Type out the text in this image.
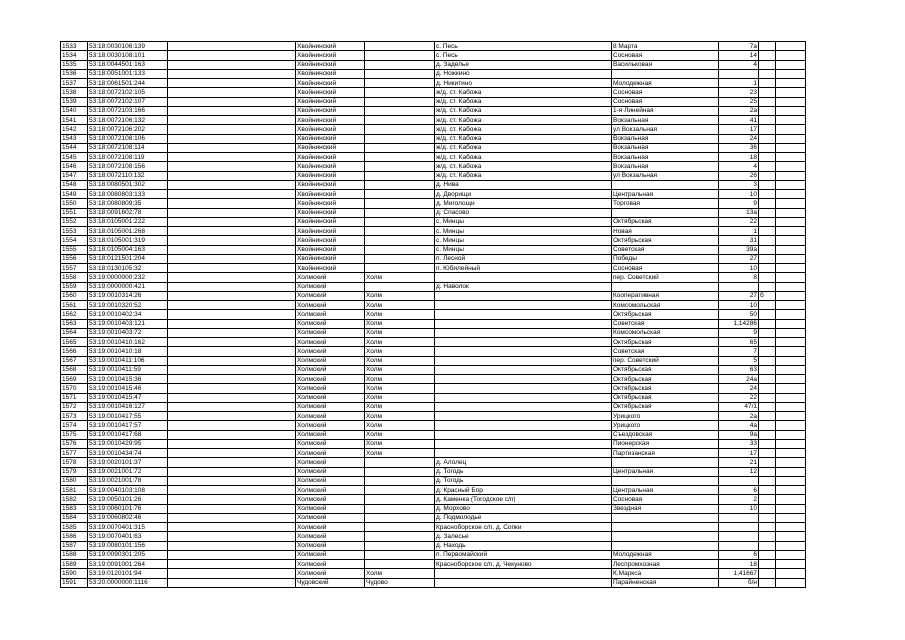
1533	53:18:0030106:139		Хвойнинский		с. Песь	8 Марта	7а		
1534	53:18:0030108:101		Хвойнинский		с. Песь	Сосновая	14		
1535	53:18:0044501:163		Хвойнинский		д. Заделье	Васильковая	4		
1536	53:18:0051001:133		Хвойнинский		д. Ножкино				
1537	53:18:0061501:244		Хвойнинский		д. Никитино	Молодежная	1		
1538	53:18:0072102:105		Хвойнинский		ж/д. ст. Кабожа	Сосновая	23		
1539	53:18:0072102:107		Хвойнинский		ж/д. ст. Кабожа	Сосновая	25		
1540	53:18:0072103:166		Хвойнинский		ж/д. ст. Кабожа	1-я Линейная	2а		
1541	53:18:0072106:132		Хвойнинский		ж/д. ст. Кабожа	Вокзальная	41		
1542	53:18:0072106:202		Хвойнинский		ж/д. ст. Кабожа	ул Вокзальная	17		
1543	53:18:0072108:106		Хвойнинский		ж/д. ст. Кабожа	Вокзальная	24		
1544	53:18:0072108:114		Хвойнинский		ж/д. ст. Кабожа	Вокзальная	36		
1545	53:18:0072108:119		Хвойнинский		ж/д. ст. Кабожа	Вокзальная	18		
1546	53:18:0072108:156		Хвойнинский		ж/д. ст. Кабожа	Вокзальная	4		
1547	53:18:0072110:132		Хвойнинский		ж/д. ст. Кабожа	ул Вокзальная	26		
1548	53:18:0080501:302		Хвойнинский		д. Нива		3		
1549	53:18:0080803:133		Хвойнинский		д. Дворищи	Центральная	10		
1550	53:18:0080809:35		Хвойнинский		д. Миголощи	Торговая	9		
1551	53:18:0091602:78		Хвойнинский		д. Спасово		13а		
1552	53:18:0105001:222		Хвойнинский		с. Минцы	Октябрьская	22		
1553	53:18:0105001:268		Хвойнинский		с. Минцы	Новая	1		
1554	53:18:0105001:319		Хвойнинский		с. Минцы	Октябрьская	31		
1555	53:18:0105004:163		Хвойнинский		с. Минцы	Советская	39а		
1556	53:18:0121501:204		Хвойнинский		п. Лесной	Победы	27		
1557	53:18:0130105:32		Хвойнинский		п. Юбилейный	Сосновая	10		
1558	53:19:0000000:232		Холмский	Холм		пер. Советский	8		
1559	53:19:0000000:421		Холмский		д. Наволок				
1560	53:19:0010314:26		Холмский	Холм		Кооперативная	27	б	
1561	53:19:0010320:52		Холмский	Холм		Комсомольская	10		
1562	53:19:0010402:34		Холмский	Холм		Октябрьская	50		
1563	53:19:0010403:121		Холмский	Холм		Советская	1,14286		
1564	53:19:0010403:72		Холмский	Холм		Комсомольская	9		
1565	53:19:0010410:162		Холмский	Холм		Октябрьская	65		
1566	53:19:0010410:18		Холмский	Холм		Советская	7		
1567	53:19:0010411:106		Холмский	Холм		пер. Советский	5		
1568	53:19:0010411:59		Холмский	Холм		Октябрьская	63		
1569	53:19:0010415:36		Холмский	Холм		Октябрьская	24а		
1570	53:19:0010415:46		Холмский	Холм		Октябрьская	24		
1571	53:19:0010415:47		Холмский	Холм		Октябрьская	22		
1572	53:19:0010416:127		Холмский	Холм		Октябрьская	47/1		
1573	53:19:0010417:55		Холмский	Холм		Урицкого	2а		
1574	53:19:0010417:57		Холмский	Холм		Урицкого	4а		
1575	53:19:0010417:68		Холмский	Холм		Съездовская	9а		
1576	53:19:0010429:95		Холмский	Холм		Пионерская	33		
1577	53:19:0010434:74		Холмский	Холм		Партизанская	17		
1578	53:19:0020101:37		Холмский		д. Алолец		21		
1579	53:19:0021001:72		Холмский		д. Тогодь	Центральная	12		
1580	53:19:0021001:78		Холмский		д. Тогодь				
1581	53:19:0040103:108		Холмский		д. Красный Бор	Центральная	6		
1582	53:19:0050101:26		Холмский		д. Каменка (Тогодское с/п)	Сосновая	2		
1583	53:19:0060101:76		Холмский		д. Морхово	Звездная	10		
1584	53:19:0060802:46		Холмский		д. Подмолодье				
1585	53:19:0070401:315		Холмский		Красноборское с/п, д. Сопки				
1586	53:19:0070401:63		Холмский		д. Залесье				
1587	53:19:0080101:156		Холмский		д. Находь				
1588	53:19:0090301:205		Холмский		п. Первомайский	Молодежная	6		
1589	53:19:0091001:264		Холмский		Красноборское с/п, д. Чекуново	Леспромхозная	18		
1590	53:19:0120101:94		Холмский	Холм		К.Маркса	1,41667		
1591	53:20:0000000:1116		Чудовский	Чудово		Парайненская	б/н		
